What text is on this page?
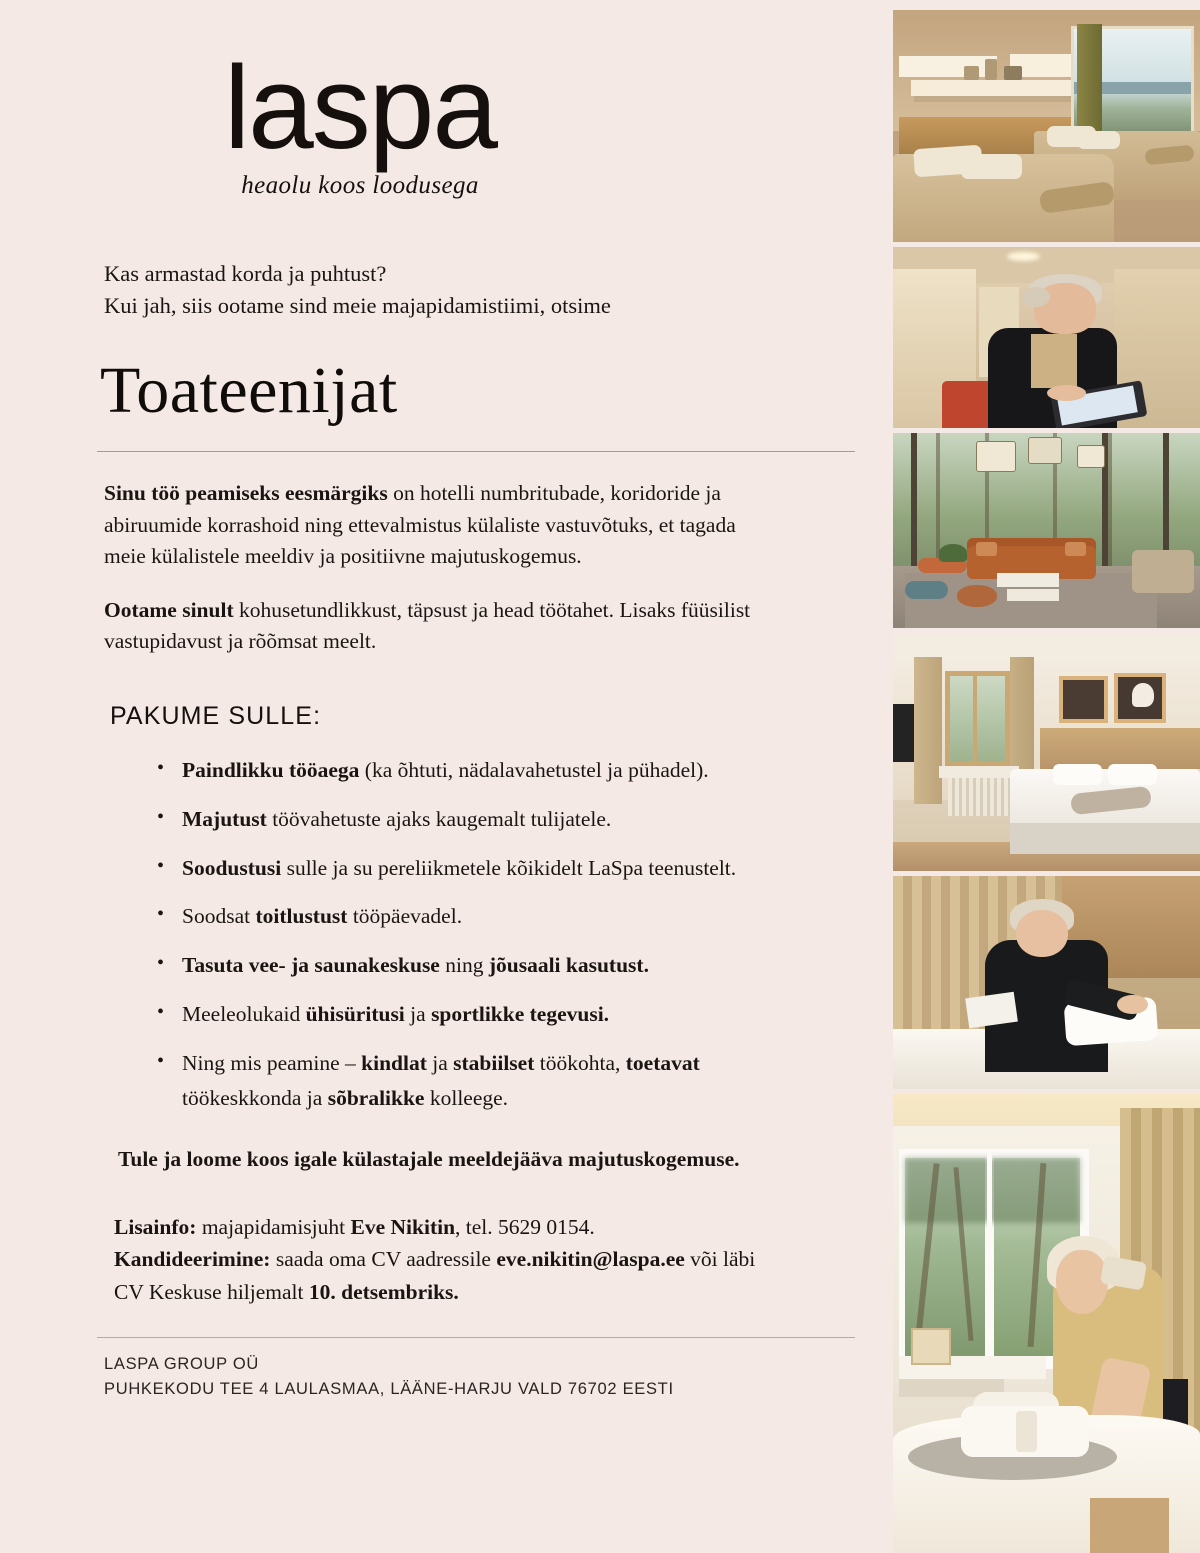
laspa
heaolu koos loodusega
Kas armastad korda ja puhtust?
Kui jah, siis ootame sind meie majapidamistiimi, otsime
Toateenijat

Sinu töö peamiseks eesmärgiks on hotelli numbritubade, koridoride ja abiruumide korrashoid ning ettevalmistus külaliste vastuvõtuks, et tagada meie külalistele meeldiv ja positiivne majutuskogemus.

Ootame sinult kohusetundlikkust, täpsust ja head töötahet. Lisaks füüsilist vastupidavust ja rõõmsat meelt.

PAKUME SULLE:
• Paindlikku tööaega (ka õhtuti, nädalavahetustel ja pühadel).
• Majutust töövahetuste ajaks kaugemalt tulijatele.
• Soodustusi sulle ja su pereliikmetele kõikidelt LaSpa teenustelt.
• Soodsat toitlustust tööpäevadel.
• Tasuta vee- ja saunakeskuse ning jõusaali kasutust.
• Meeleolukaid ühisüritusi ja sportlikke tegevusi.
• Ning mis peamine – kindlat ja stabiilset töökohta, toetavat töökeskkonda ja sõbralikke kolleege.

Tule ja loome koos igale külastajale meeldejääva majutuskogemuse.

Lisainfo: majapidamisjuht Eve Nikitin, tel. 5629 0154.
Kandideerimine: saada oma CV aadressile eve.nikitin@laspa.ee või läbi CV Keskuse hiljemalt 10. detsembriks.
LASPA GROUP OÜ
PUHKEKODU TEE 4 LAULASMAA, LÄÄNE-HARJU VALD 76702 EESTI
